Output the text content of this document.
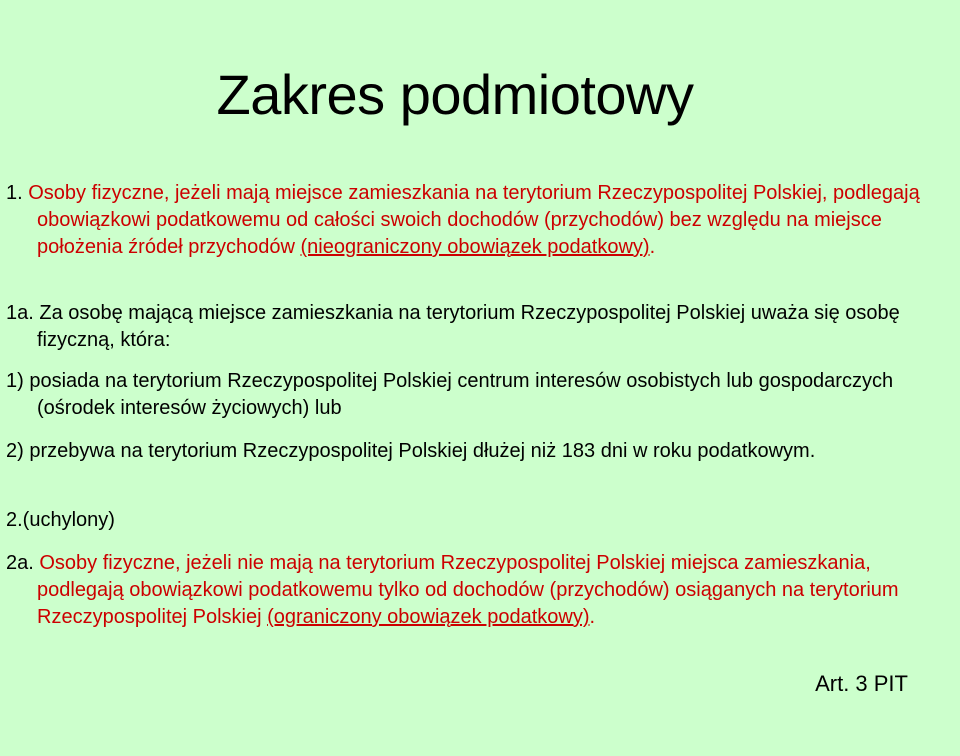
Zakres podmiotowy

1. Osoby fizyczne, jeżeli mają miejsce zamieszkania na terytorium Rzeczypospolitej Polskiej, podlegają obowiązkowi podatkowemu od całości swoich dochodów (przychodów) bez względu na miejsce położenia źródeł przychodów (nieograniczony obowiązek podatkowy).

1a. Za osobę mającą miejsce zamieszkania na terytorium Rzeczypospolitej Polskiej uważa się osobę fizyczną, która:

1) posiada na terytorium Rzeczypospolitej Polskiej centrum interesów osobistych lub gospodarczych (ośrodek interesów życiowych) lub

2) przebywa na terytorium Rzeczypospolitej Polskiej dłużej niż 183 dni w roku podatkowym.

2.(uchylony)

2a. Osoby fizyczne, jeżeli nie mają na terytorium Rzeczypospolitej Polskiej miejsca zamieszkania, podlegają obowiązkowi podatkowemu tylko od dochodów (przychodów) osiąganych na terytorium Rzeczypospolitej Polskiej (ograniczony obowiązek podatkowy).

Art. 3 PIT
